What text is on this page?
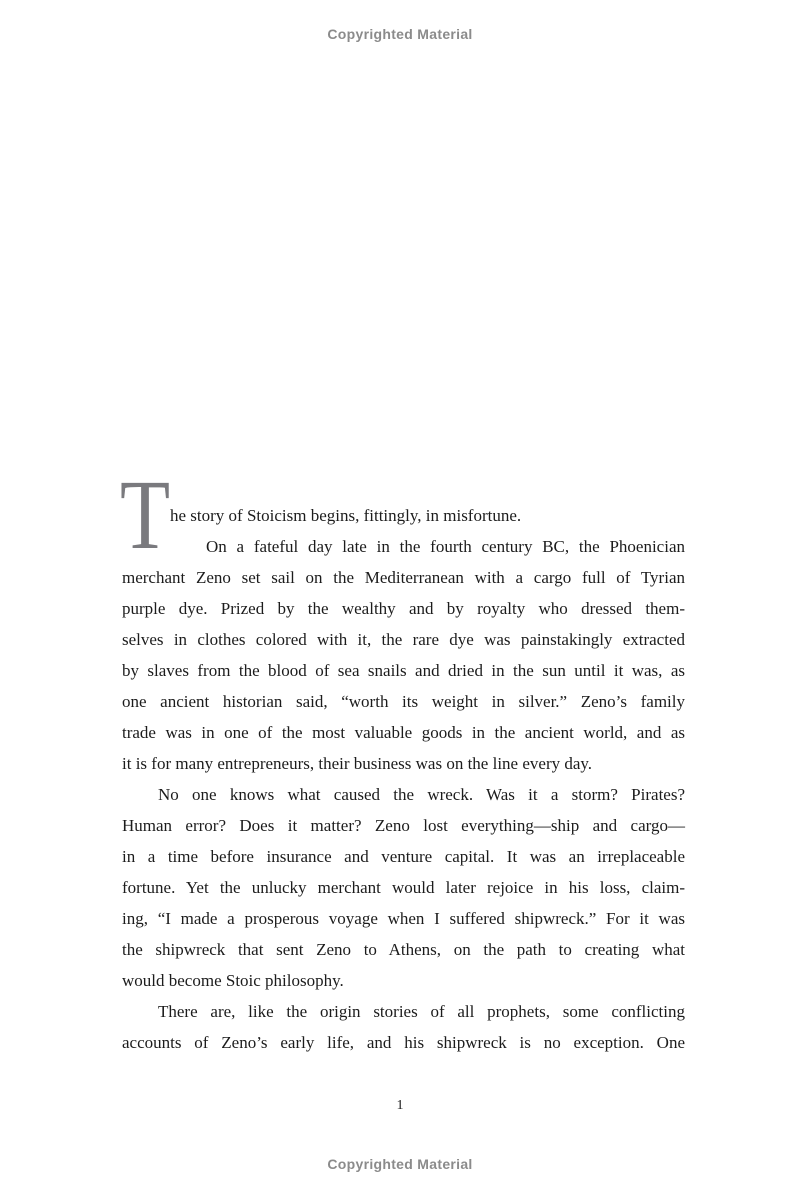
Copyrighted Material
T he story of Stoicism begins, fittingly, in misfortune.
On a fateful day late in the fourth century BC, the Phoenician
merchant Zeno set sail on the Mediterranean with a cargo full of Tyrian
purple dye. Prized by the wealthy and by royalty who dressed them-
selves in clothes colored with it, the rare dye was painstakingly extracted
by slaves from the blood of sea snails and dried in the sun until it was, as
one ancient historian said, “worth its weight in silver.” Zeno’s family
trade was in one of the most valuable goods in the ancient world, and as
it is for many entrepreneurs, their business was on the line every day.
No one knows what caused the wreck. Was it a storm? Pirates?
Human error? Does it matter? Zeno lost everything—ship and cargo—
in a time before insurance and venture capital. It was an irreplaceable
fortune. Yet the unlucky merchant would later rejoice in his loss, claim-
ing, “I made a prosperous voyage when I suffered shipwreck.” For it was
the shipwreck that sent Zeno to Athens, on the path to creating what
would become Stoic philosophy.
There are, like the origin stories of all prophets, some conflicting
accounts of Zeno’s early life, and his shipwreck is no exception. One
1
Copyrighted Material
